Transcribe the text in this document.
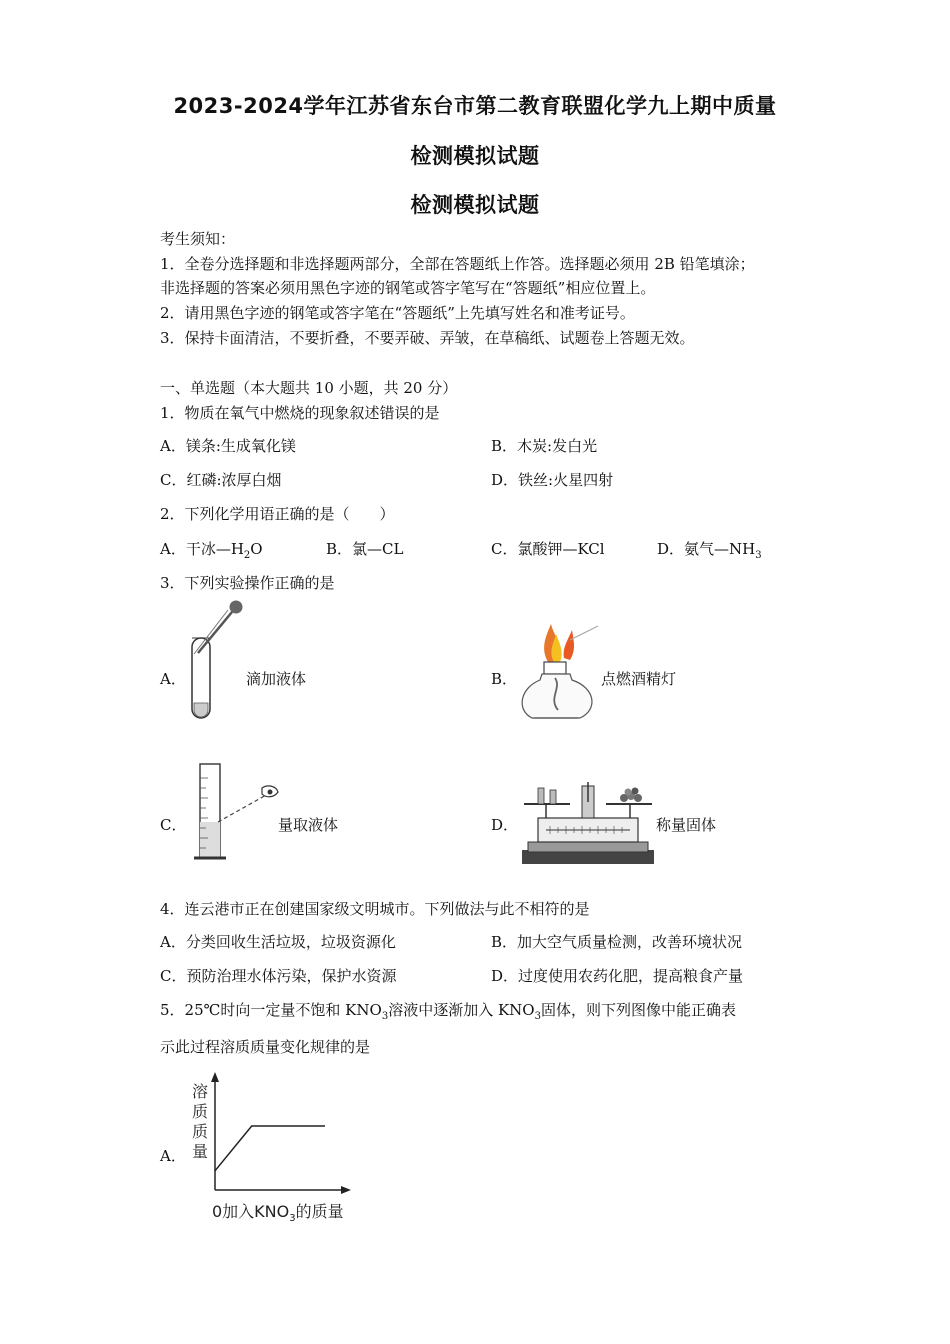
2023-2024学年江苏省东台市第二教育联盟化学九上期中质量
检测模拟试题
检测模拟试题
考生须知：
1．全卷分选择题和非选择题两部分，全部在答题纸上作答。选择题必须用 2B 铅笔填涂；
非选择题的答案必须用黑色字迹的钢笔或答字笔写在“答题纸”相应位置上。
2．请用黑色字迹的钢笔或答字笔在“答题纸”上先填写姓名和准考证号。
3．保持卡面清洁，不要折叠，不要弄破、弄皱，在草稿纸、试题卷上答题无效。
一、单选题（本大题共 10 小题，共 20 分）
1．物质在氧气中燃烧的现象叙述错误的是
A．镁条:生成氧化镁	B．木炭:发白光
C．红磷:浓厚白烟	D．铁丝:火星四射
2．下列化学用语正确的是（　　）
A．干冰$—H_2O$	B．氯—CL	C．氯酸钾—KCl	D．氨气$—NH_3$
3．下列实验操作正确的是
A．	滴加液体	B．	点燃酒精灯
C．	量取液体	D．	称量固体
4．连云港市正在创建国家级文明城市。下列做法与此不相符的是
A．分类回收生活垃圾，垃圾资源化	B．加大空气质量检测，改善环境状况
C．预防治理水体污染，保护水资源	D．过度使用农药化肥，提高粮食产量
5．25℃时向一定量不饱和 $KNO_3$溶液中逐渐加入 $KNO_3$固体，则下列图像中能正确表
示此过程溶质质量变化规律的是
A．
溶
质
质
量
0加入$KNO_3$的质量
